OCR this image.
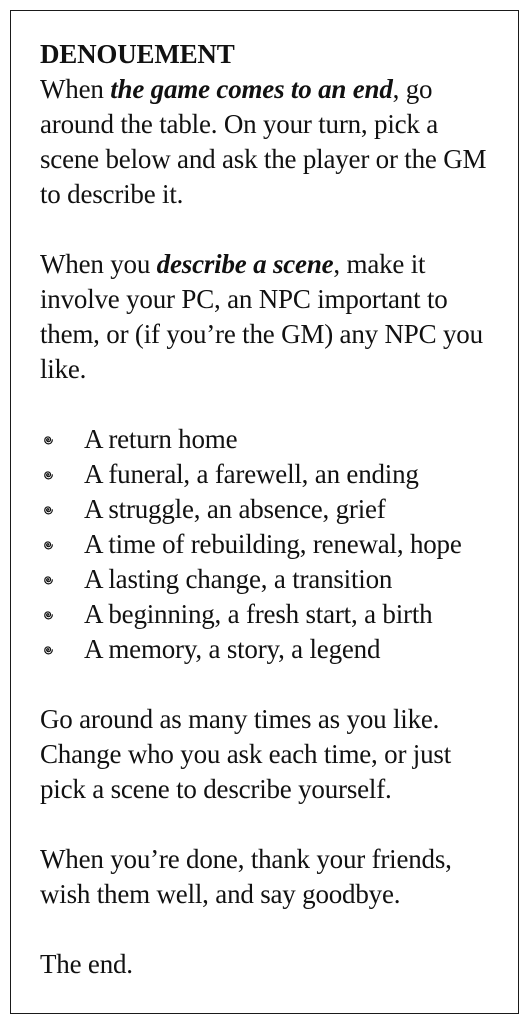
DENOUEMENT

When the game comes to an end, go around the table. On your turn, pick a scene below and ask the player or the GM to describe it.

When you describe a scene, make it involve your PC, an NPC important to them, or (if you’re the GM) any NPC you like.

A return home
A funeral, a farewell, an ending
A struggle, an absence, grief
A time of rebuilding, renewal, hope
A lasting change, a transition
A beginning, a fresh start, a birth
A memory, a story, a legend

Go around as many times as you like. Change who you ask each time, or just pick a scene to describe yourself.

When you’re done, thank your friends, wish them well, and say goodbye.

The end.
